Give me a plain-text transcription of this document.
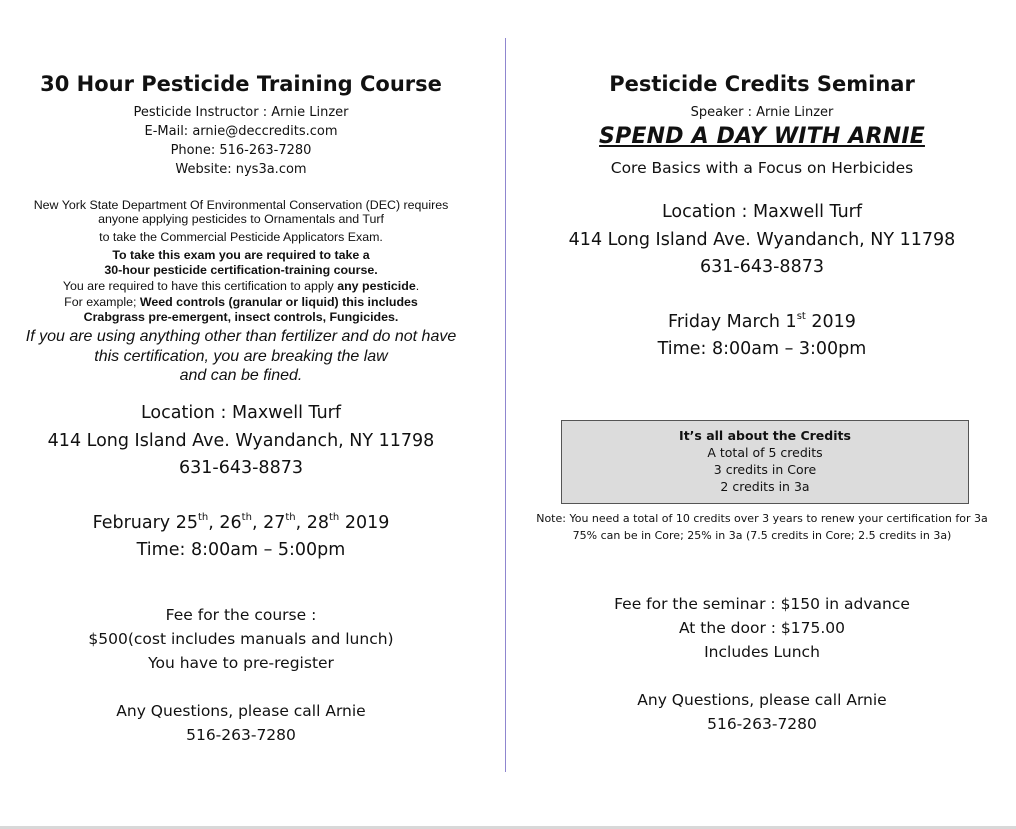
30 Hour Pesticide Training Course
Pesticide Instructor : Arnie Linzer
E-Mail: arnie@deccredits.com
Phone: 516-263-7280
Website: nys3a.com
New York State Department Of Environmental Conservation (DEC) requires
anyone applying pesticides to Ornamentals and Turf
to take the Commercial Pesticide Applicators Exam.
To take this exam you are required to take a
30-hour pesticide certification-training course.
You are required to have this certification to apply any pesticide.
For example; Weed controls (granular or liquid) this includes
Crabgrass pre-emergent, insect controls, Fungicides.
If you are using anything other than fertilizer and do not have
this certification, you are breaking the law
and can be fined.
Location : Maxwell Turf
414 Long Island Ave. Wyandanch, NY 11798
631-643-8873
February 25th, 26th, 27th, 28th 2019
Time: 8:00am – 5:00pm
Fee for the course :
$500(cost includes manuals and lunch)
You have to pre-register
Any Questions, please call Arnie
516-263-7280
Pesticide Credits Seminar
Speaker : Arnie Linzer
SPEND A DAY WITH ARNIE
Core Basics with a Focus on Herbicides
Location : Maxwell Turf
414 Long Island Ave. Wyandanch, NY 11798
631-643-8873
Friday March 1st 2019
Time: 8:00am – 3:00pm
It’s all about the Credits
A total of 5 credits
3 credits in Core
2 credits in 3a
Note: You need a total of 10 credits over 3 years to renew your certification for 3a
75% can be in Core; 25% in 3a (7.5 credits in Core; 2.5 credits in 3a)
Fee for the seminar : $150 in advance
At the door : $175.00
Includes Lunch
Any Questions, please call Arnie
516-263-7280
